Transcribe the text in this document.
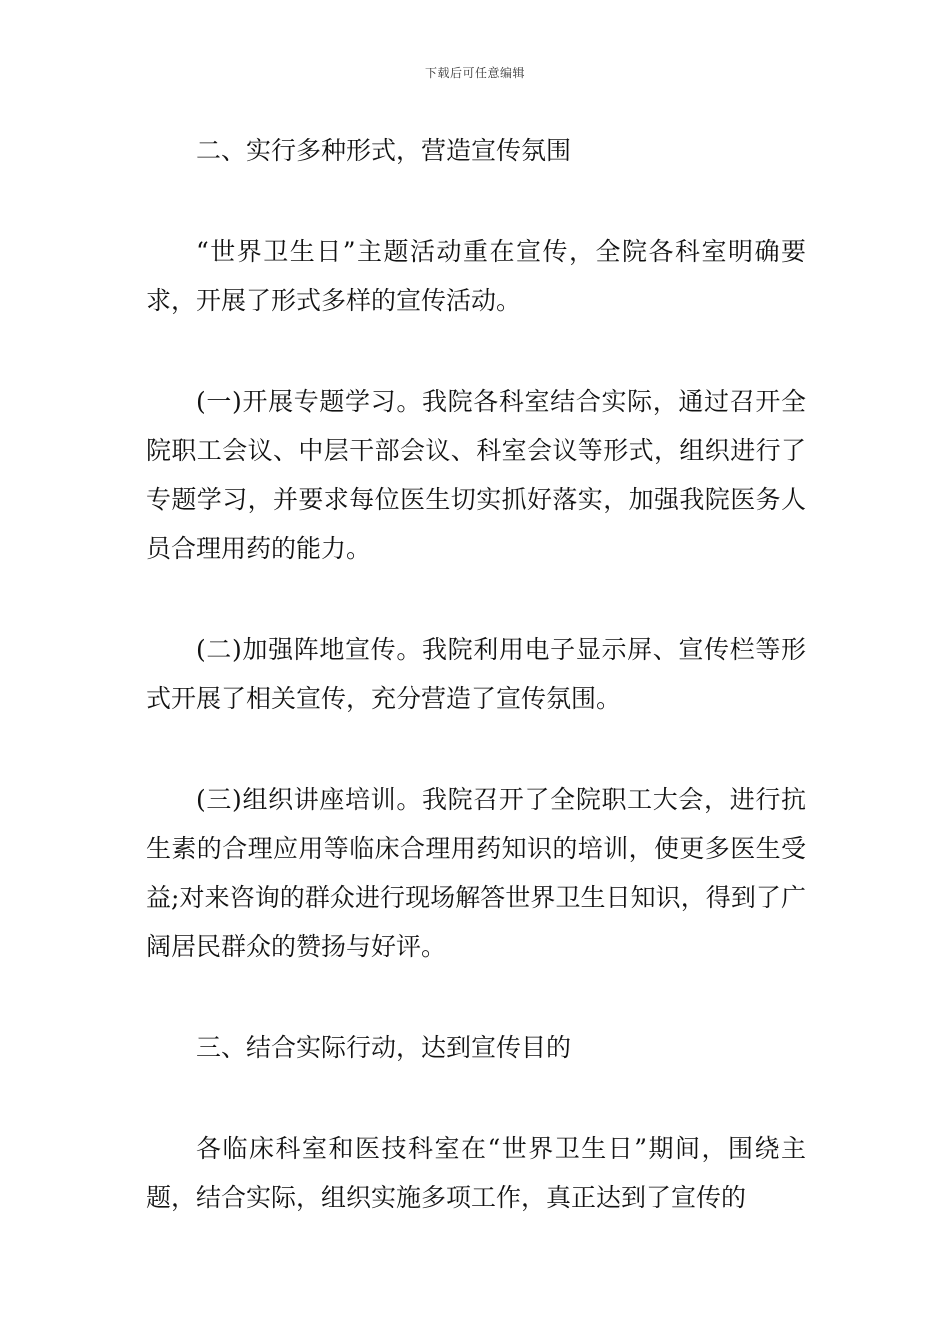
下载后可任意编辑

二、实行多种形式，营造宣传氛围

“世界卫生日”主题活动重在宣传，全院各科室明确要求，开展了形式多样的宣传活动。

(一)开展专题学习。我院各科室结合实际，通过召开全院职工会议、中层干部会议、科室会议等形式，组织进行了专题学习，并要求每位医生切实抓好落实，加强我院医务人员合理用药的能力。

(二)加强阵地宣传。我院利用电子显示屏、宣传栏等形式开展了相关宣传，充分营造了宣传氛围。

(三)组织讲座培训。我院召开了全院职工大会，进行抗生素的合理应用等临床合理用药知识的培训，使更多医生受益;对来咨询的群众进行现场解答世界卫生日知识，得到了广阔居民群众的赞扬与好评。

三、结合实际行动，达到宣传目的

各临床科室和医技科室在“世界卫生日”期间，围绕主题，结合实际，组织实施多项工作，真正达到了宣传的
